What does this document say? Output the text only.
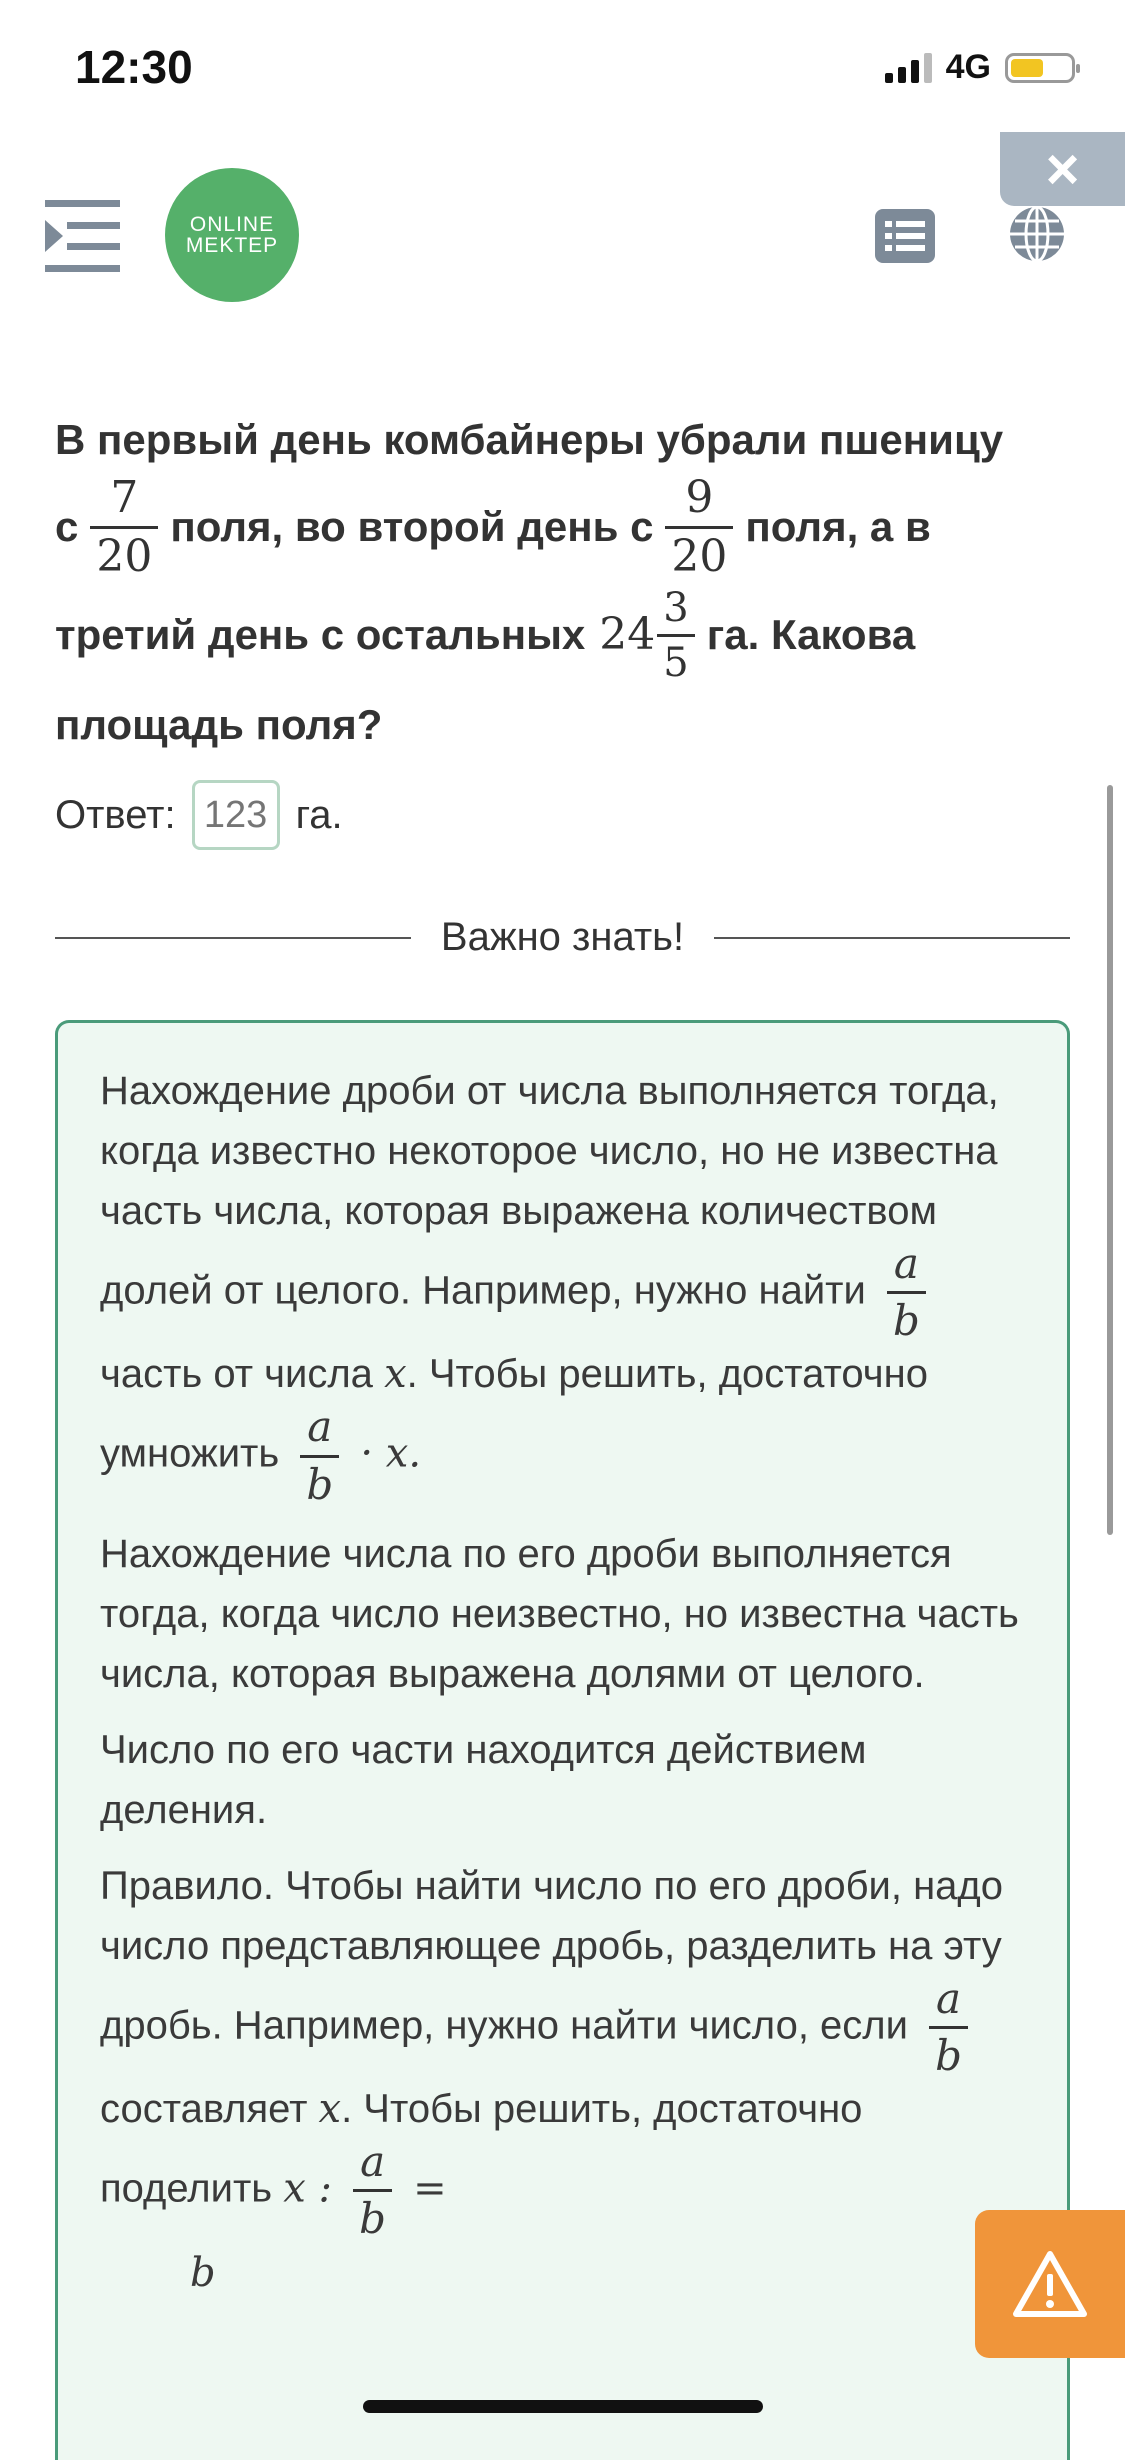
12:30	4G
ONLINE
MEKTEP
×
В первый день комбайнеры убрали пшеницу
с $\frac{7}{20}$ поля, во второй день с $\frac{9}{20}$ поля, а в
третий день с остальных $24 \frac{3}{5}$ га. Какова
площадь поля?
Ответ:
123	га.
Важно знать!

Нахождение дроби от числа выполняется тогда, когда известно некоторое число, но не известна часть числа, которая выражена количеством долей от целого. Например, нужно найти $\frac{a}{b}$
часть от числа x. Чтобы решить, достаточно умножить $\frac{a}{b} \cdot x$.

Нахождение числа по его дроби выполняется тогда, когда число неизвестно, но известна часть числа, которая выражена долями от целого.

Число по его части находится действием деления.

Правило. Чтобы найти число по его дроби, надо число представляющее дробь, разделить на эту дробь. Например, нужно найти число, если $\frac{a}{b}$
составляет x. Чтобы решить, достаточно поделить x : $\frac{a}{b}$ =
b
